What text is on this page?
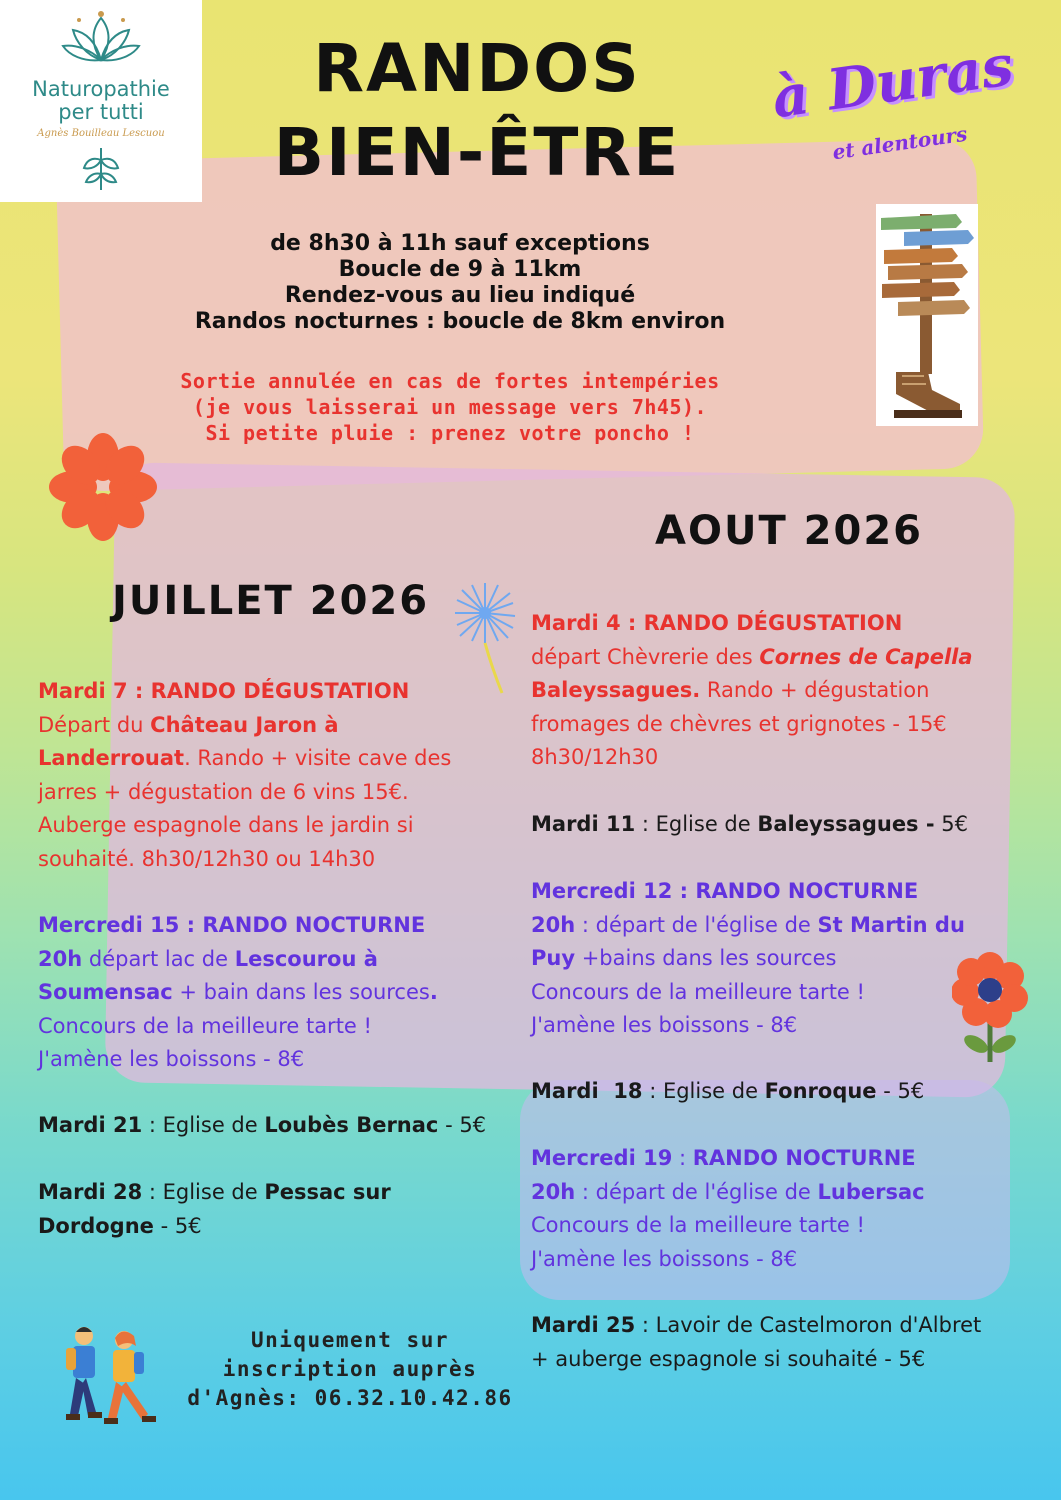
Naturopathie
per tutti
Agnès Bouilleau Lescuou
RANDOS
BIEN-ÊTRE
à Duras
et alentours
de 8h30 à 11h sauf exceptions
Boucle de 9 à 11km
Rendez-vous au lieu indiqué
Randos nocturnes : boucle de 8km environ
Sortie annulée en cas de fortes intempéries
(je vous laisserai un message vers 7h45).
Si petite pluie : prenez votre poncho !
JUILLET 2026
AOUT 2026
Mardi 7 : RANDO DÉGUSTATION
Départ du Château Jaron à
Landerrouat. Rando + visite cave des
jarres + dégustation de 6 vins 15€.
Auberge espagnole dans le jardin si
souhaité. 8h30/12h30 ou 14h30
Mercredi 15 : RANDO NOCTURNE
20h départ lac de Lescourou à
Soumensac + bain dans les sources.
Concours de la meilleure tarte !
J'amène les boissons - 8€
Mardi 21 : Eglise de Loubès Bernac - 5€
Mardi 28 : Eglise de Pessac sur
Dordogne - 5€
Mardi 4 : RANDO DÉGUSTATION
départ Chèvrerie des Cornes de Capella
Baleyssagues. Rando + dégustation
fromages de chèvres et grignotes - 15€
8h30/12h30
Mardi 11 : Eglise de Baleyssagues - 5€
Mercredi 12 : RANDO NOCTURNE
20h : départ de l'église de St Martin du
Puy +bains dans les sources
Concours de la meilleure tarte !
J'amène les boissons - 8€
Mardi  18 : Eglise de Fonroque - 5€
Mercredi 19 : RANDO NOCTURNE
20h : départ de l'église de Lubersac
Concours de la meilleure tarte !
J'amène les boissons - 8€
Mardi 25 : Lavoir de Castelmoron d'Albret
+ auberge espagnole si souhaité - 5€
Uniquement sur
inscription auprès
d'Agnès: 06.32.10.42.86
